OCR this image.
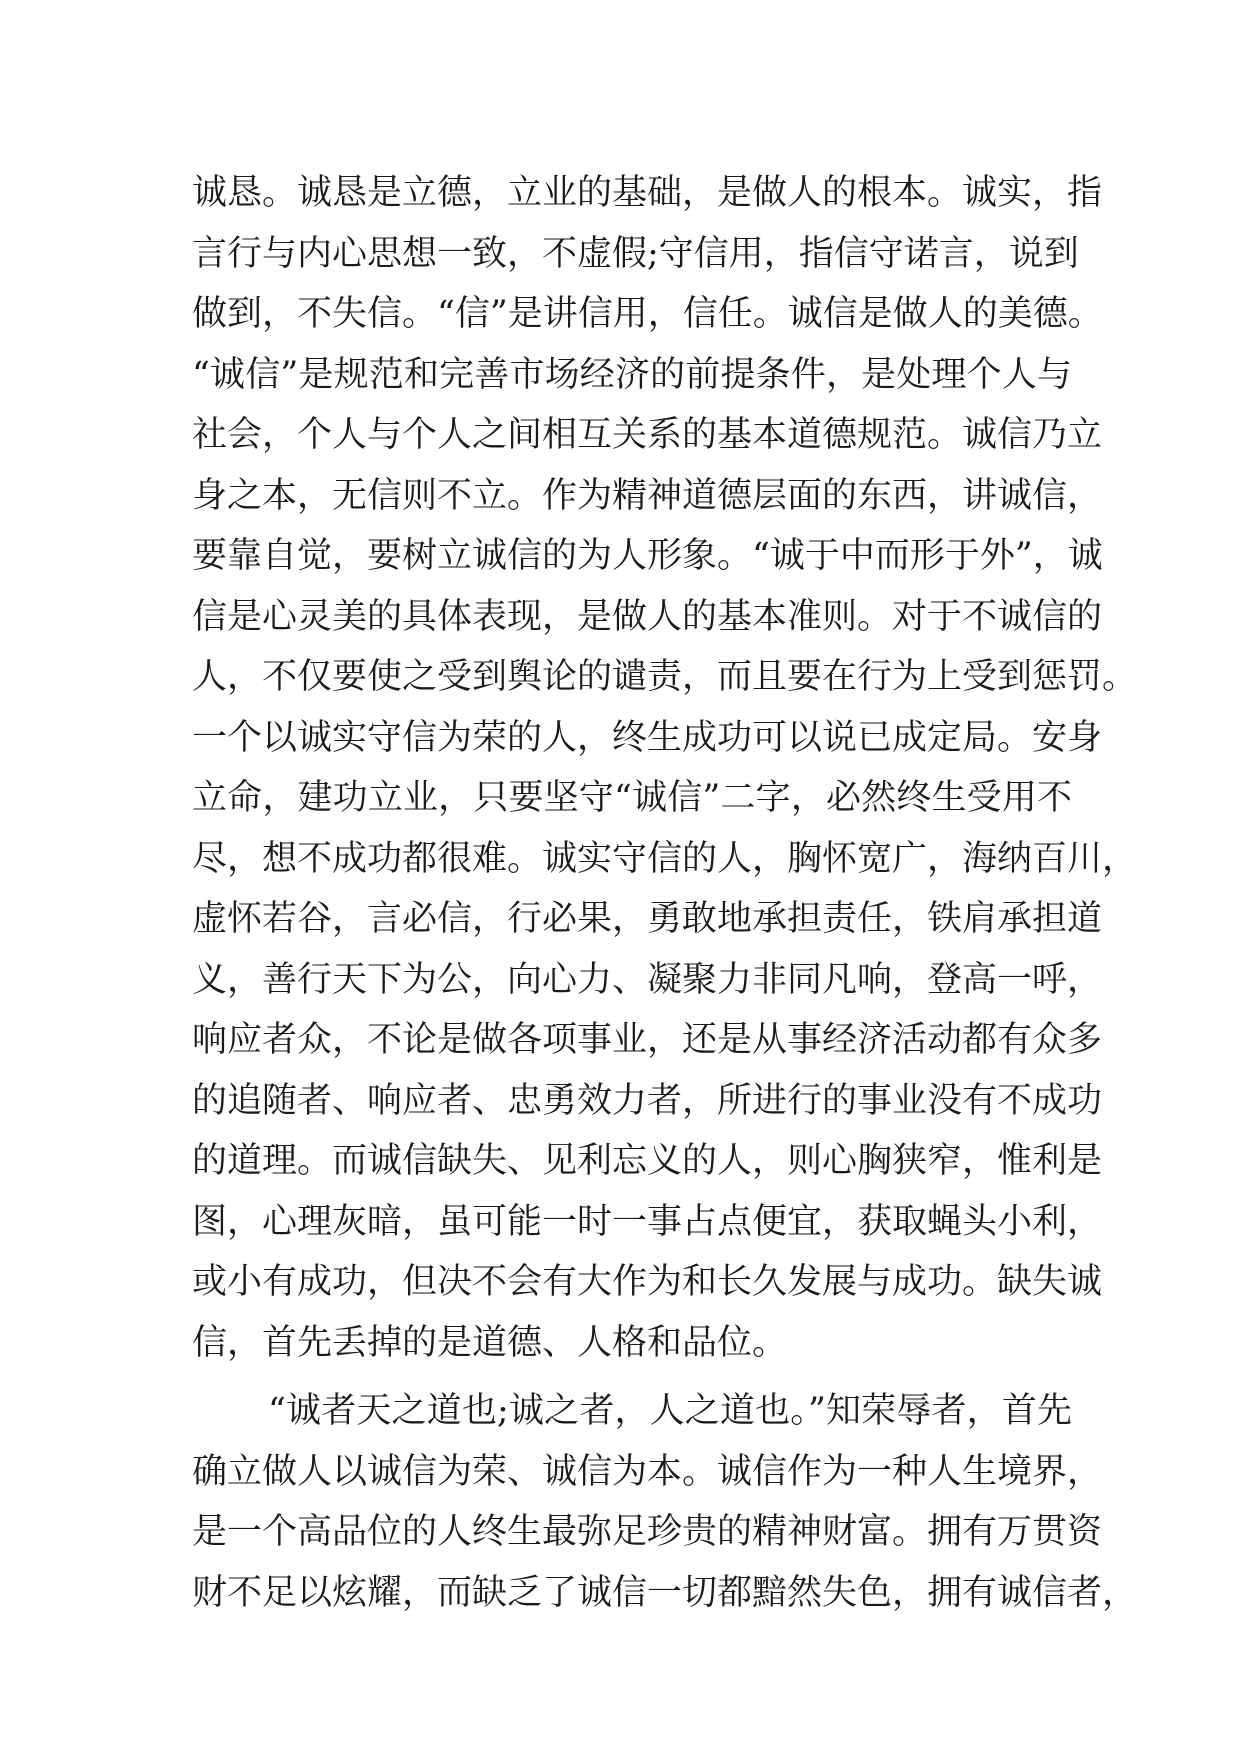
诚恳。诚恳是立德，立业的基础，是做人的根本。诚实，指
言行与内心思想一致，不虚假;守信用，指信守诺言，说到
做到，不失信。“信”是讲信用，信任。诚信是做人的美德。
“诚信”是规范和完善市场经济的前提条件，是处理个人与
社会，个人与个人之间相互关系的基本道德规范。诚信乃立
身之本，无信则不立。作为精神道德层面的东西，讲诚信，
要靠自觉，要树立诚信的为人形象。“诚于中而形于外”，诚
信是心灵美的具体表现，是做人的基本准则。对于不诚信的
人，不仅要使之受到舆论的谴责，而且要在行为上受到惩罚。
一个以诚实守信为荣的人，终生成功可以说已成定局。安身
立命，建功立业，只要坚守“诚信”二字，必然终生受用不
尽，想不成功都很难。诚实守信的人，胸怀宽广，海纳百川，
虚怀若谷，言必信，行必果，勇敢地承担责任，铁肩承担道
义，善行天下为公，向心力、凝聚力非同凡响，登高一呼，
响应者众，不论是做各项事业，还是从事经济活动都有众多
的追随者、响应者、忠勇效力者，所进行的事业没有不成功
的道理。而诚信缺失、见利忘义的人，则心胸狭窄，惟利是
图，心理灰暗，虽可能一时一事占点便宜，获取蝇头小利，
或小有成功，但决不会有大作为和长久发展与成功。缺失诚
信，首先丢掉的是道德、人格和品位。
“诚者天之道也;诚之者，人之道也。”知荣辱者，首先
确立做人以诚信为荣、诚信为本。诚信作为一种人生境界，
是一个高品位的人终生最弥足珍贵的精神财富。拥有万贯资
财不足以炫耀，而缺乏了诚信一切都黯然失色，拥有诚信者，
